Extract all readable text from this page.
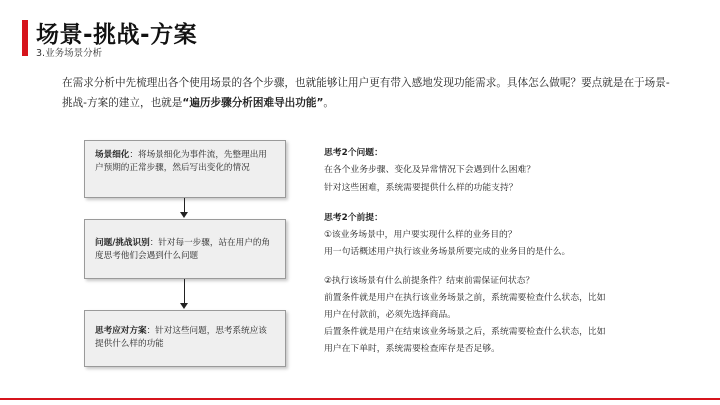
场景-挑战-方案
3.业务场景分析
在需求分析中先梳理出各个使用场景的各个步骤，也就能够让用户更有带入感地发现功能需求。具体怎么做呢？要点就是在于场景-挑战-方案的建立，也就是“遍历步骤分析困难导出功能”。
场景细化：将场景细化为事件流，先整理出用户预期的正常步骤，然后写出变化的情况
问题/挑战识别：针对每一步骤，站在用户的角度思考他们会遇到什么问题
思考应对方案：针对这些问题，思考系统应该提供什么样的功能
思考2个问题：
在各个业务步骤、变化及异常情况下会遇到什么困难？
针对这些困难，系统需要提供什么样的功能支持？
思考2个前提：
①该业务场景中，用户要实现什么样的业务目的？
用一句话概述用户执行该业务场景所要完成的业务目的是什么。
②执行该场景有什么前提条件？结束前需保证何状态？
前置条件就是用户在执行该业务场景之前，系统需要检查什么状态，比如
用户在付款前，必须先选择商品。
后置条件就是用户在结束该业务场景之后，系统需要检查什么状态，比如
用户在下单时，系统需要检查库存是否足够。
